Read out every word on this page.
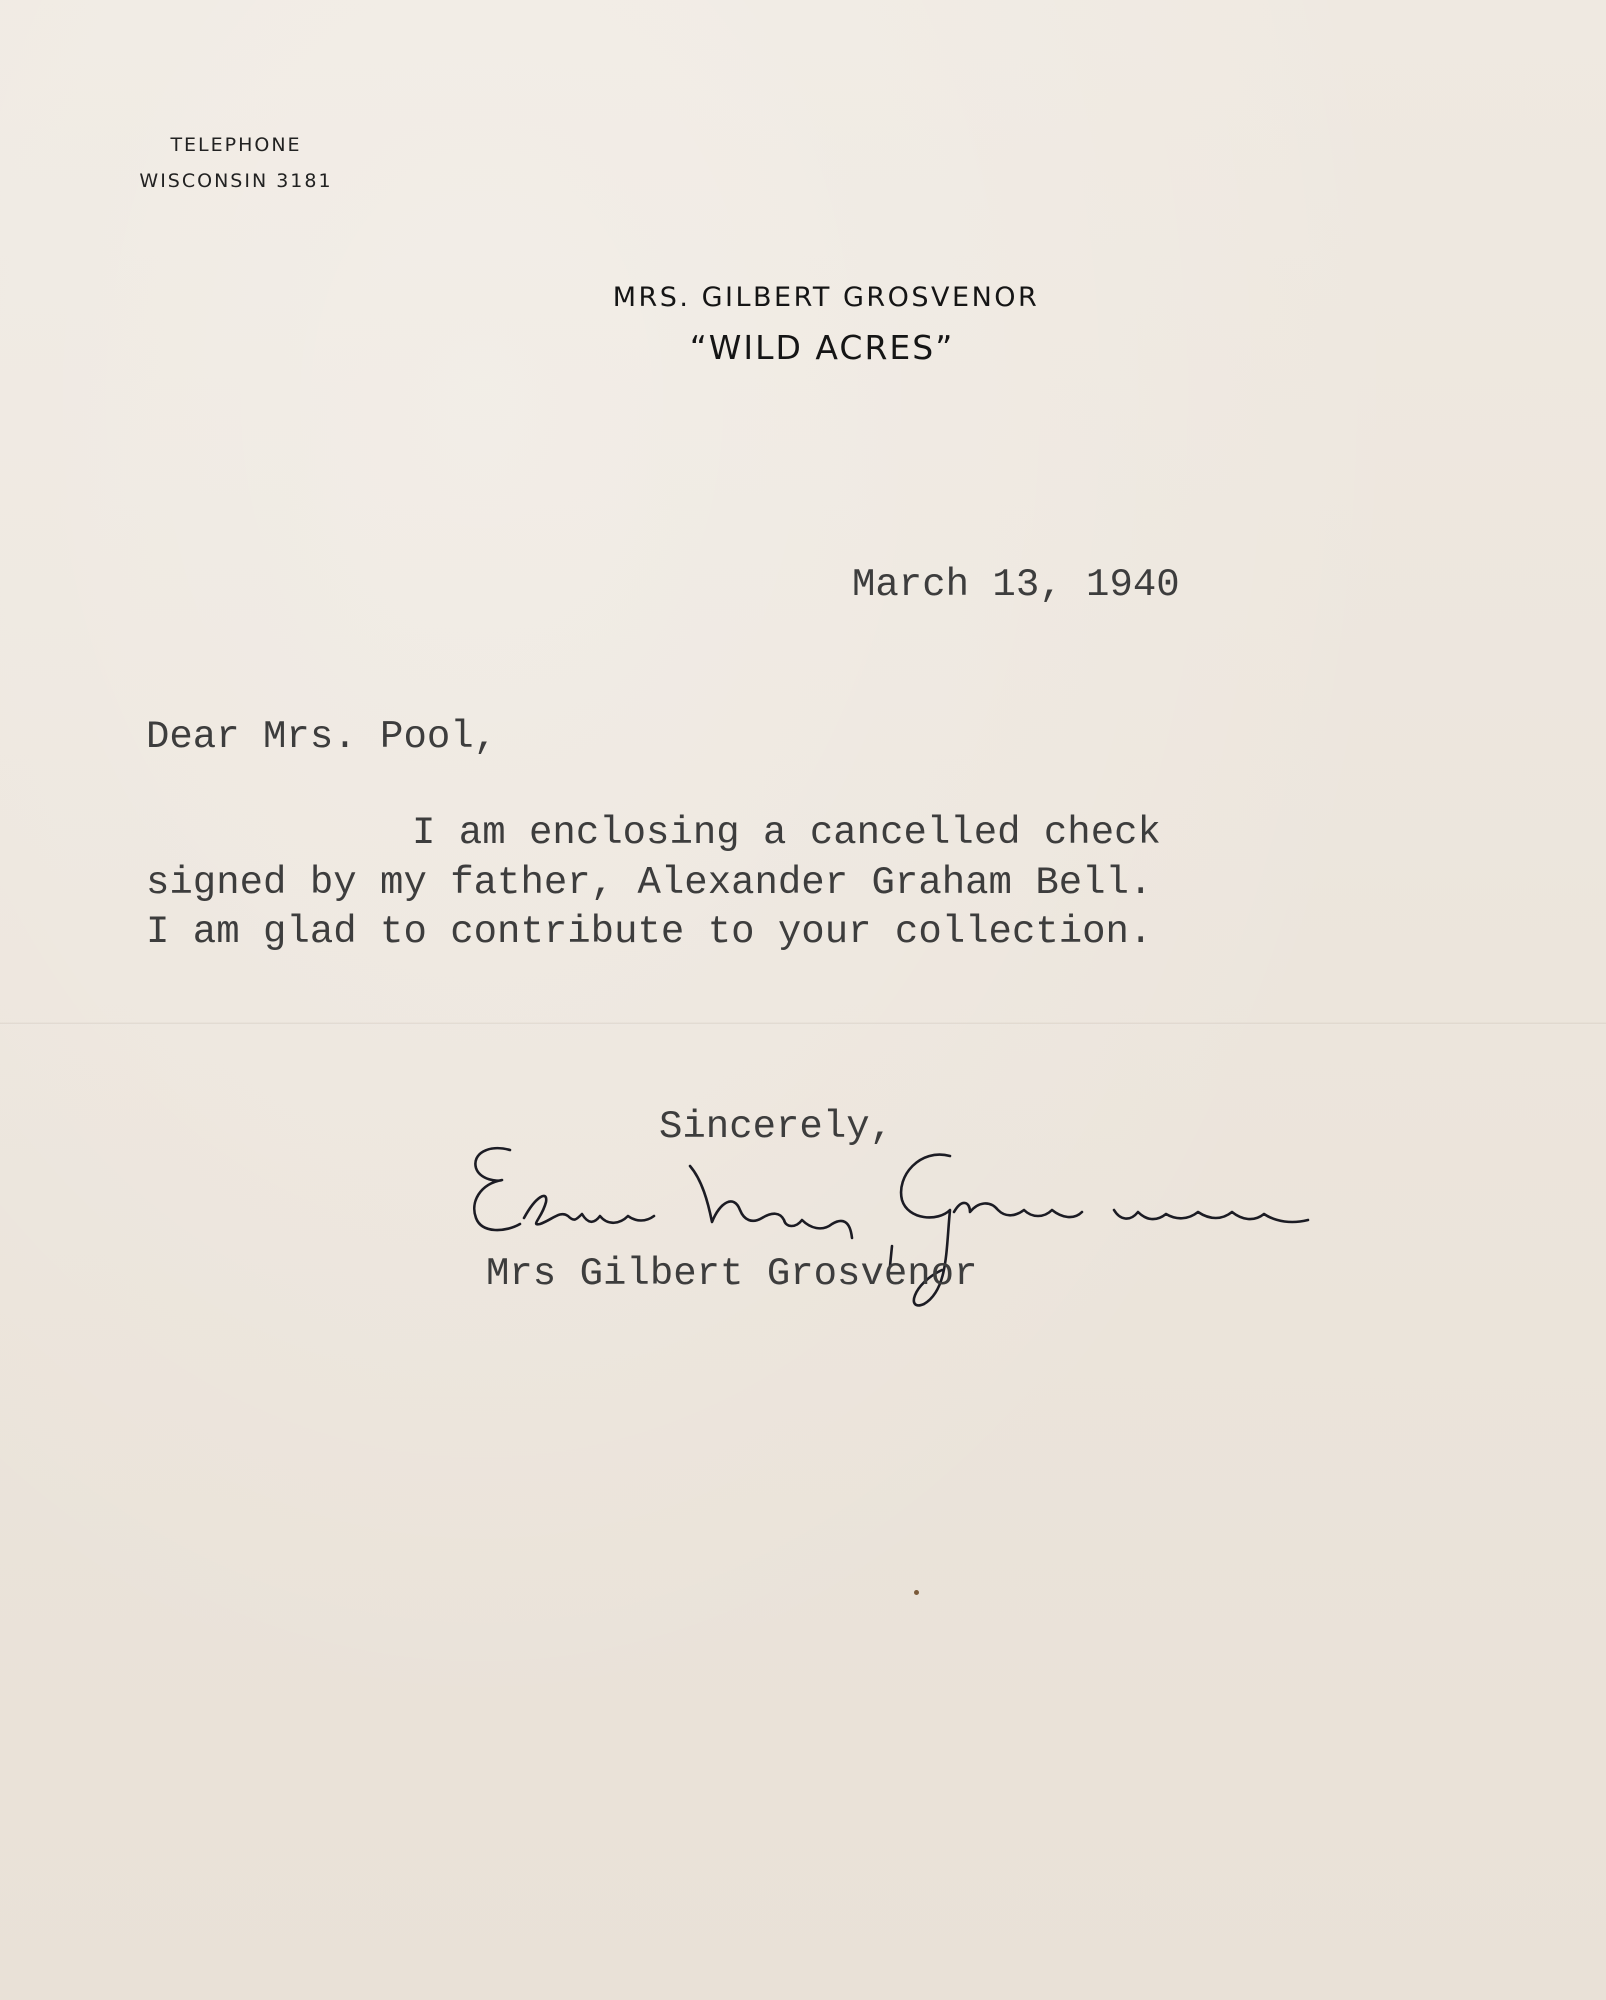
TELEPHONE
WISCONSIN 3181
MRS. GILBERT GROSVENOR
“WILD ACRES”
March 13, 1940
Dear Mrs. Pool,
I am enclosing a cancelled check
signed by my father, Alexander Graham Bell.
I am glad to contribute to your collection.
Sincerely,
Mrs Gilbert Grosvenor
